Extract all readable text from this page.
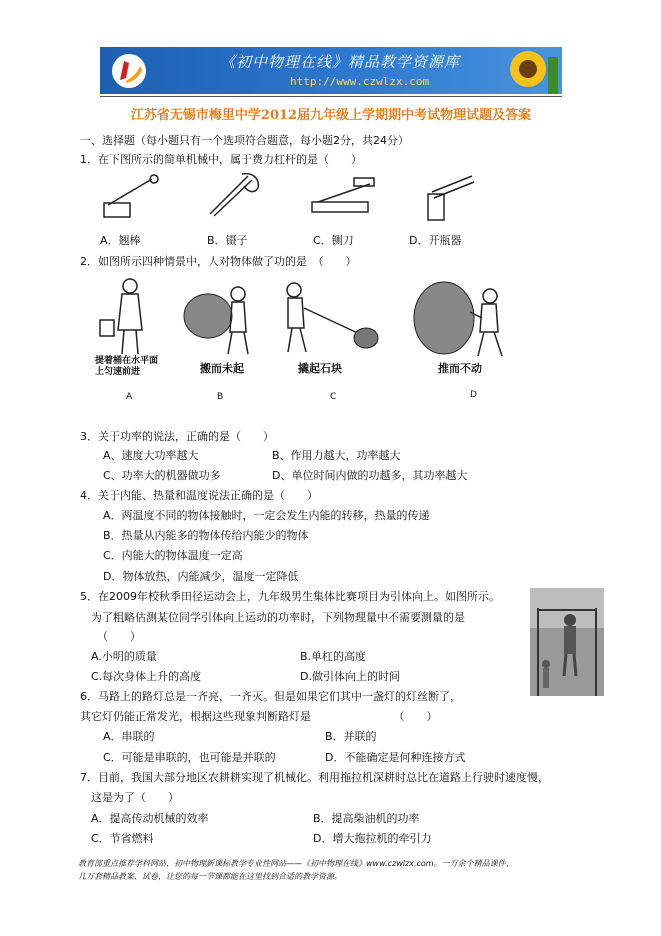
《初中物理在线》精品教学资源库
http://www.czwlzx.com
江苏省无锡市梅里中学2012届九年级上学期期中考试物理试题及答案
一、选择题（每小题只有一个选项符合题意，每小题2分，共24分）
1．在下图所示的简单机械中，属于费力杠杆的是（　　）
A．翘棒	B．镊子	C．铡刀	D．开瓶器
2．如图所示四种情景中，人对物体做了功的是　（　　）
提着桶在水平面上匀速前进	搬而未起	撬起石块	推而不动
A	B	C	D
3．关于功率的说法，正确的是（　　）
A、速度大功率越大	B、作用力越大，功率越大
C、功率大的机器做功多	D、单位时间内做的功越多，其功率越大
4．关于内能、热量和温度说法正确的是（　　）
A．两温度不同的物体接触时，一定会发生内能的转移，热量的传递
B．热量从内能多的物体传给内能少的物体
C．内能大的物体温度一定高
D．物体放热，内能减少，温度一定降低
5．在2009年校秋季田径运动会上，九年级男生集体比赛项目为引体向上。如图所示。
为了粗略估测某位同学引体向上运动的功率时，下列物理量中不需要测量的是
（　　）
A.小明的质量	B.单杠的高度
C.每次身体上升的高度	D.做引体向上的时间
6．马路上的路灯总是一齐亮，一齐灭。但是如果它们其中一盏灯的灯丝断了，
其它灯仍能正常发光，根据这些现象判断路灯是　　　　　　　　（　　）
A．串联的	B．并联的
C．可能是串联的，也可能是并联的	D．不能确定是何种连接方式
7．目前，我国大部分地区农耕耕实现了机械化。利用拖拉机深耕时总比在道路上行驶时速度慢，
这是为了（　　）
A．提高传动机械的效率	B．提高柴油机的功率
C．节省燃料	D．增大拖拉机的牵引力
教育部重点推荐学科网站、初中物理新课标教学专业性网站——《初中物理在线》www.czwlzx.com。一万余个精品课件、
几万套精品教案、试卷，让您的每一节课都能在这里找到合适的教学资源。
